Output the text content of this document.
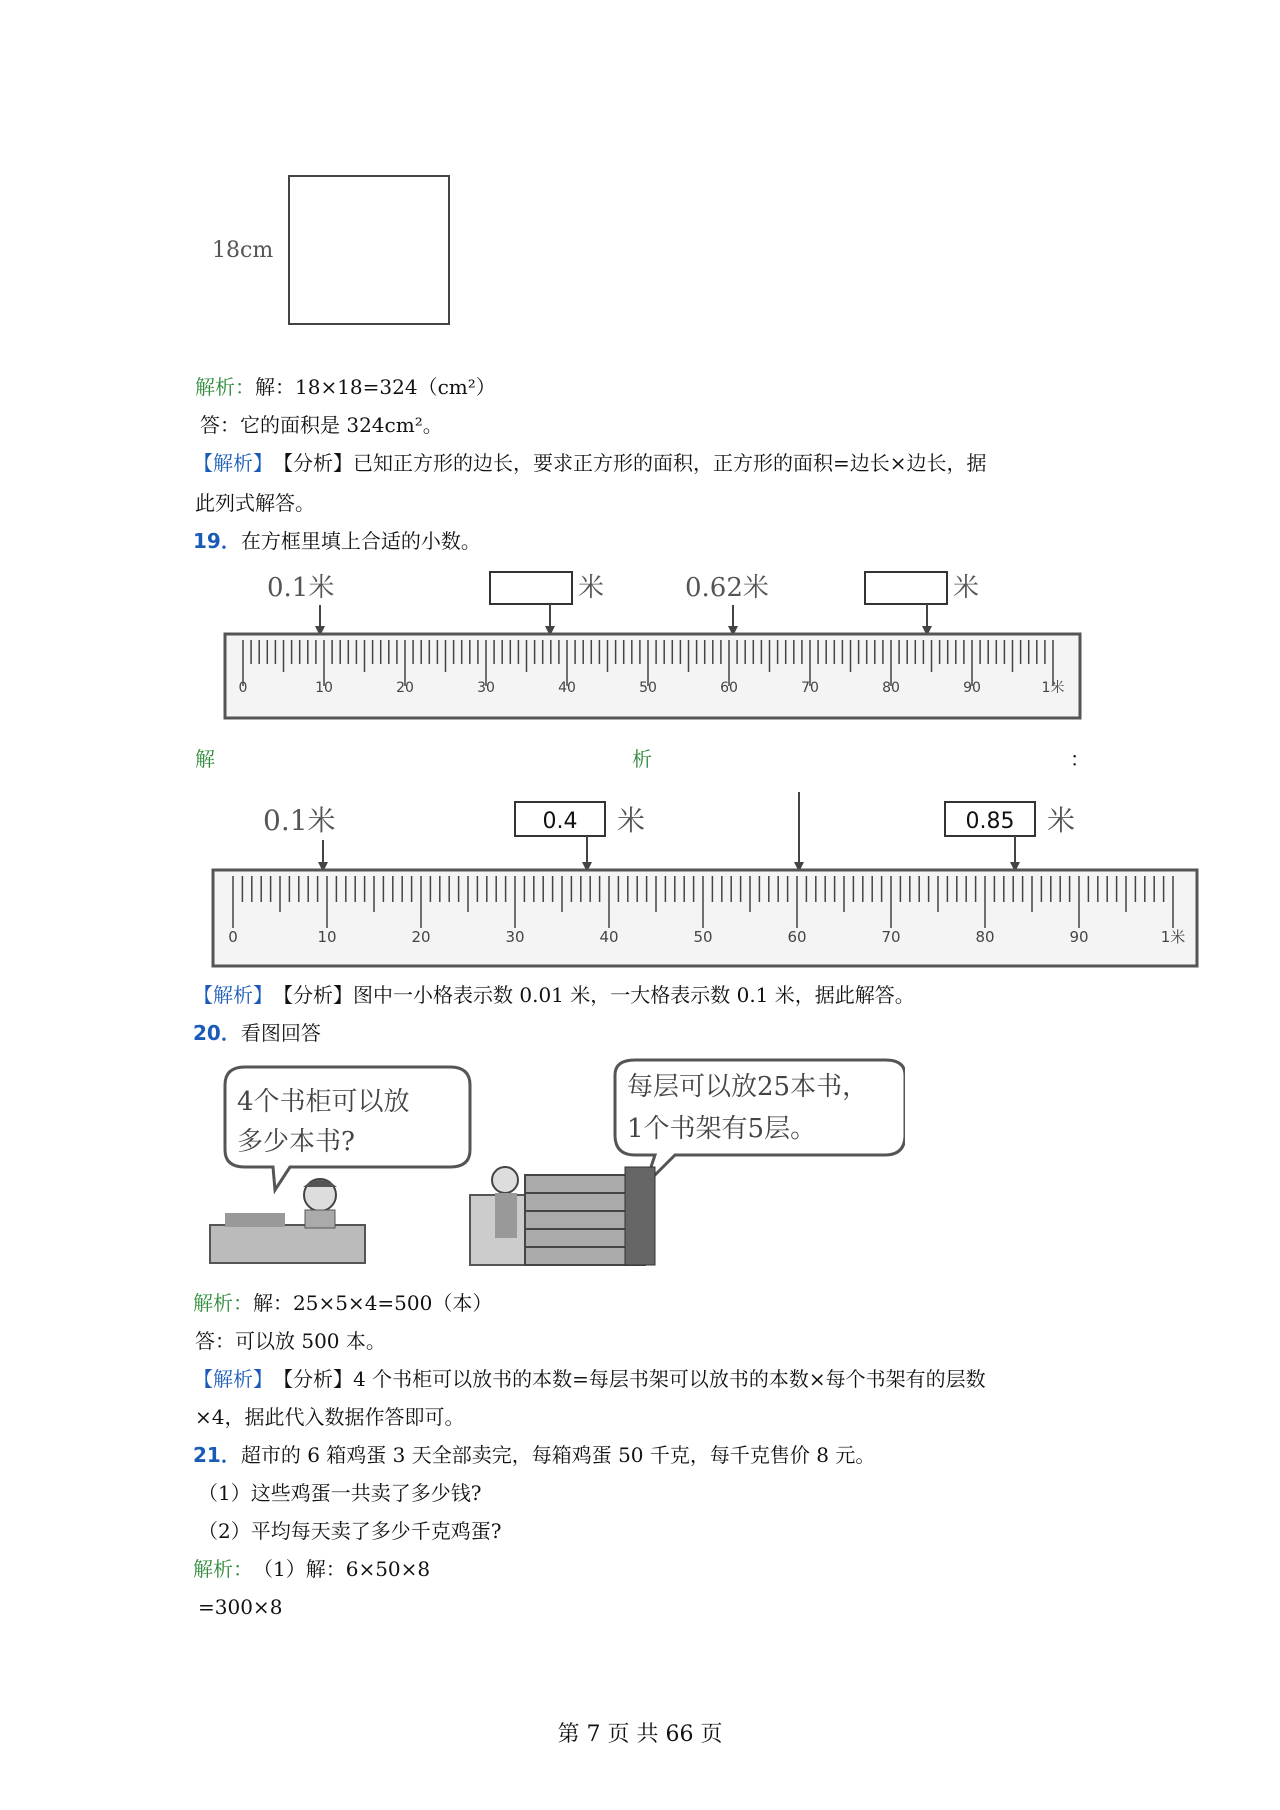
18cm
解析： 解：18×18=324（cm²）
答：它的面积是 324cm²。
【解析】 【分析】已知正方形的边长，要求正方形的面积，正方形的面积=边长×边长，据
此列式解答。
19． 在方框里填上合适的小数。
0.1米	米	0.62米	米
0	10	20	30	40	50	60	70	80	90	1米
解	析	：
0.1米	0.4 米	0.85 米
0	10	20	30	40	50	60	70	80	90	1米
【解析】 【分析】图中一小格表示数 0.01 米，一大格表示数 0.1 米，据此解答。
20． 看图回答
4个书柜可以放
多少本书?
每层可以放25本书，
1个书架有5层。
解析： 解：25×5×4=500（本）
答：可以放 500 本。
【解析】 【分析】4 个书柜可以放书的本数=每层书架可以放书的本数×每个书架有的层数
×4，据此代入数据作答即可。
21． 超市的 6 箱鸡蛋 3 天全部卖完，每箱鸡蛋 50 千克，每千克售价 8 元。
（1）这些鸡蛋一共卖了多少钱?
（2）平均每天卖了多少千克鸡蛋?
解析： （1）解：6×50×8
=300×8
第 7 页 共 66 页
